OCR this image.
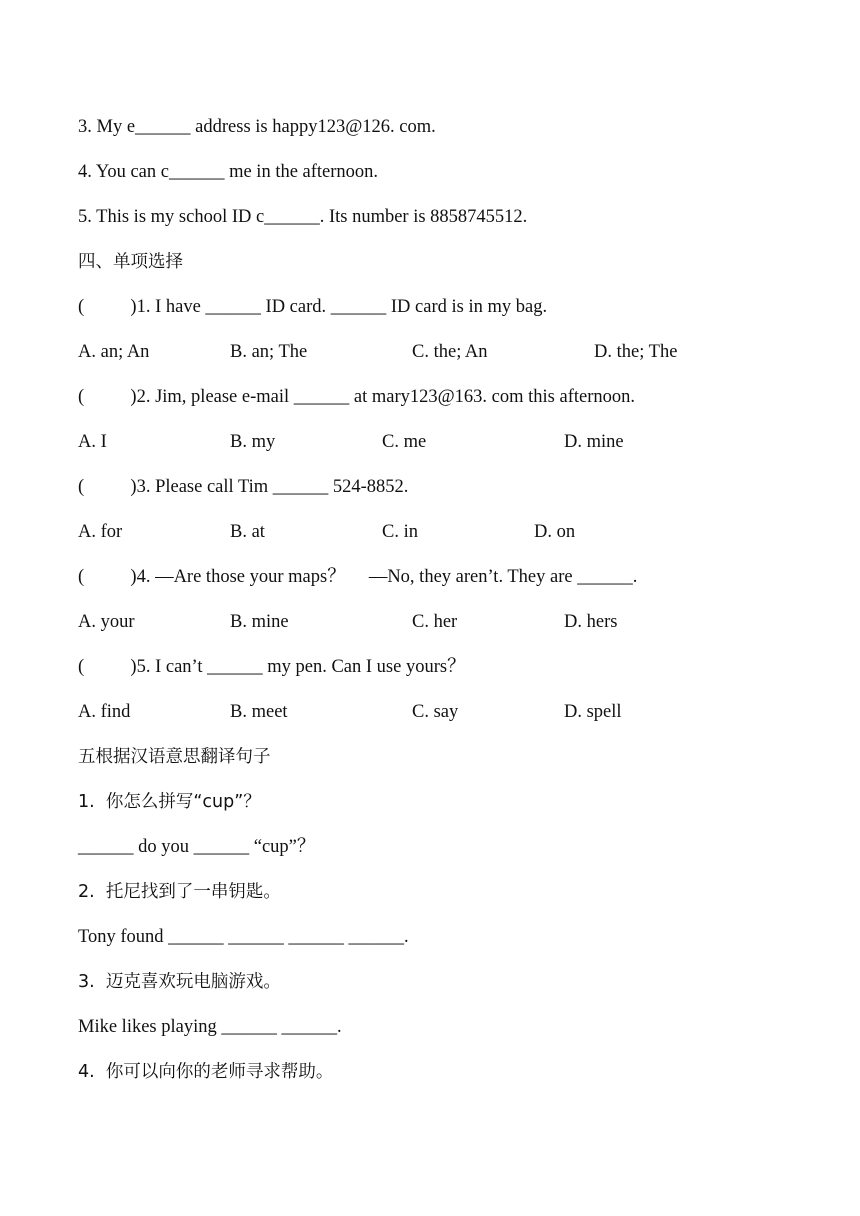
3. My e______ address is happy123@126. com.
4. You can c______ me in the afternoon.
5. This is my school ID c______. Its number is 8858745512.
四、单项选择
(          )1. I have ______ ID card. ______ ID card is in my bag.
A. an; An	B. an; The	C. the; An	D. the; The
(          )2. Jim, please e-mail ______ at mary123@163. com this afternoon.
A. I	B. my	C. me	D. mine
(          )3. Please call Tim ______ 524-8852.
A. for	B. at	C. in	D. on
(          )4. —Are those your maps？     —No, they aren’t. They are ______.
A. your	B. mine	C. her	D. hers
(          )5. I can’t ______ my pen. Can I use yours？
A. find	B. meet	C. say	D. spell
五根据汉语意思翻译句子
1.  你怎么拼写“cup”？
______ do you ______ “cup”？
2.  托尼找到了一串钥匙。
Tony found ______ ______ ______ ______.
3.  迈克喜欢玩电脑游戏。
Mike likes playing ______ ______.
4.  你可以向你的老师寻求帮助。
